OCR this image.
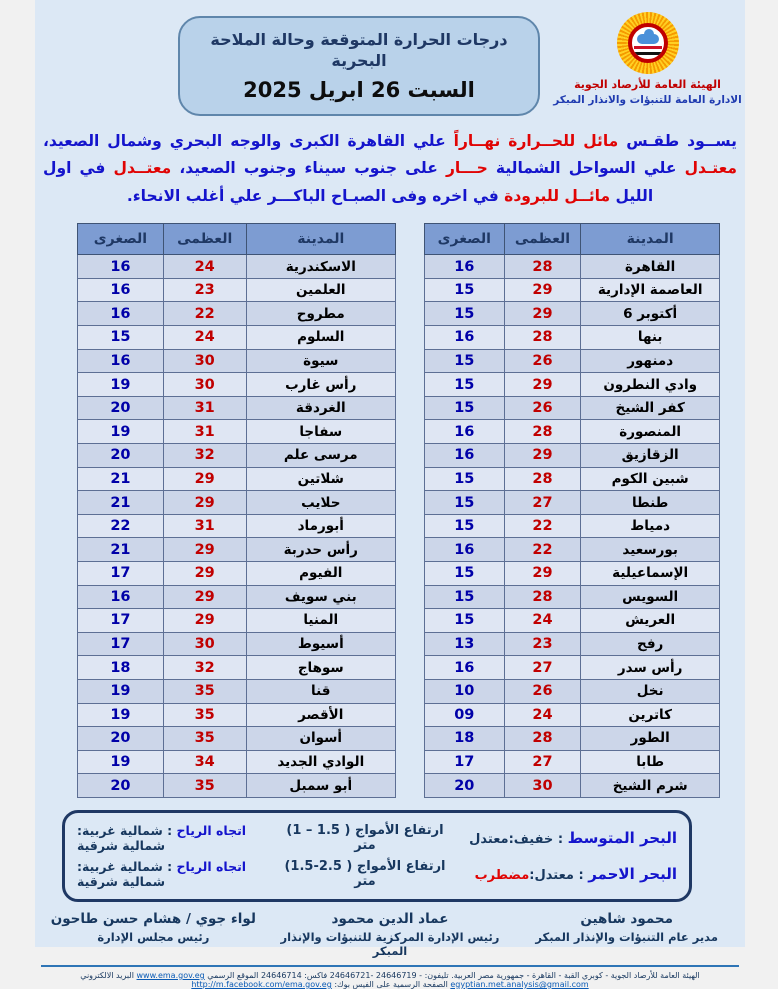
الهيئة العامة للأرصاد الجوية
الادارة العامة للتنبؤات والانذار المبكر
درجات الحرارة المتوقعة وحالة الملاحة البحرية
السبت 26 ابريل 2025

يســود طقـس مائل للحــرارة نهــاراً علي القاهرة الكبرى والوجه البحري وشمال الصعيد، معتـدل علي السواحل الشمالية حـــار على جنوب سيناء وجنوب الصعيد، معتــدل في اول الليل مائــل للبرودة في اخره وفى الصبـاح الباكـــر علي أغلب الانحاء.

المدينة	العظمى	الصغرى
القاهرة	28	16
العاصمة الإدارية	29	15
6 أكتوبر	29	15
بنها	28	16
دمنهور	26	15
وادي النطرون	29	15
كفر الشيخ	26	15
المنصورة	28	16
الزقازيق	29	16
شبين الكوم	28	15
طنطا	27	15
دمياط	22	15
بورسعيد	22	16
الإسماعيلية	29	15
السويس	28	15
العريش	24	15
رفح	23	13
رأس سدر	27	16
نخل	26	10
كاترين	24	09
الطور	28	18
طابا	27	17
شرم الشيخ	30	20
المدينة	العظمى	الصغرى
الاسكندرية	24	16
العلمين	23	16
مطروح	22	16
السلوم	24	15
سيوة	30	16
رأس غارب	30	19
الغردقة	31	20
سفاجا	31	19
مرسى علم	32	20
شلاتين	29	21
حلايب	29	21
أبورماد	31	22
رأس حدربة	29	21
الفيوم	29	17
بني سويف	29	16
المنيا	29	17
أسيوط	30	17
سوهاج	32	18
قنا	35	19
الأقصر	35	19
أسوان	35	20
الوادي الجديد	34	19
أبو سمبل	35	20
البحر المتوسط : خفيف:معتدل
ارتفاع الأمواج (1 – 1.5 ) متر
اتجاه الرياح : شمالية غربية: شمالية شرقية
البحر الاحمر : معتدل:مضطرب
ارتفاع الأمواج (1.5-2.5 ) متر
اتجاه الرياح : شمالية غربية: شمالية شرقية
محمود شاهين
مدير عام التنبؤات والإنذار المبكر
عماد الدين محمود
رئيس الإدارة المركزية للتنبؤات والإنذار المبكر
لواء جوي / هشام حسن طاحون
رئيس مجلس الإدارة
الهيئة العامة للأرصاد الجوية - كوبري القبة - القاهرة - جمهورية مصر العربية. تليفون: - 24646719 -24646721 فاكس: 24646714 الموقع الرسمي www.ema.gov.eg البريد الالكتروني egyptian.met.analysis@gmail.com الصفحة الرسمية على الفيس بوك: http://m.facebook.com/ema.gov.eg
